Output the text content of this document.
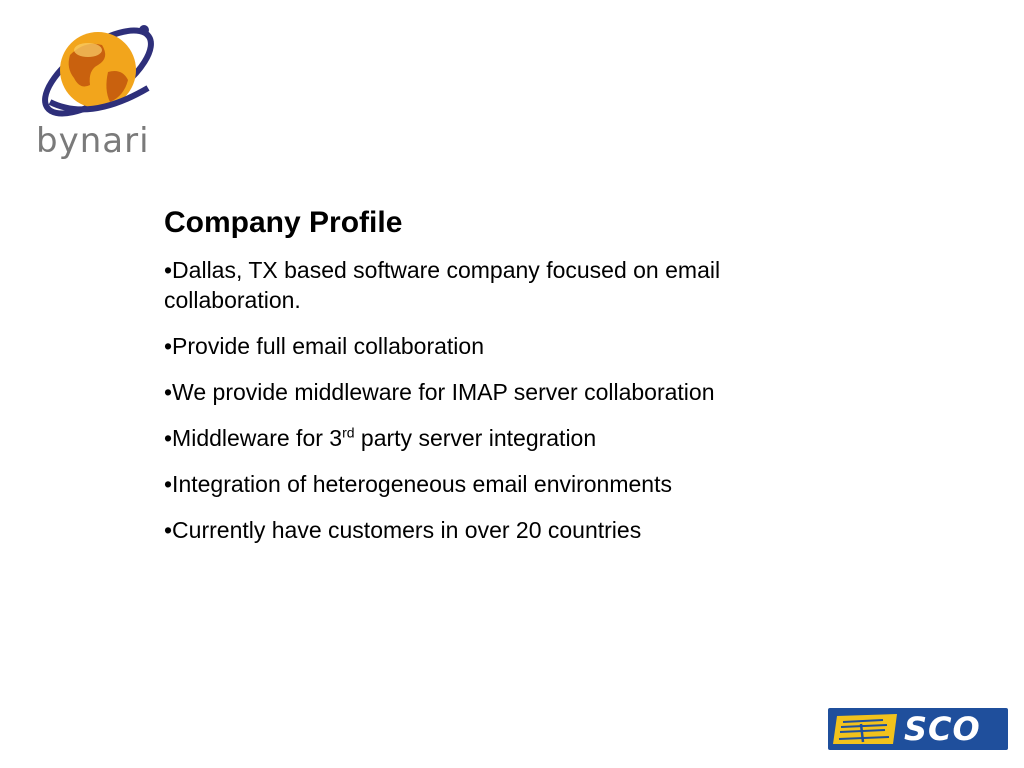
bynari
Company Profile
•Dallas, TX based software company focused on email collaboration.
•Provide full email collaboration
•We provide middleware for IMAP server collaboration
•Middleware for 3rd party server integration
•Integration of heterogeneous email environments
•Currently have customers in over 20 countries
SCO
